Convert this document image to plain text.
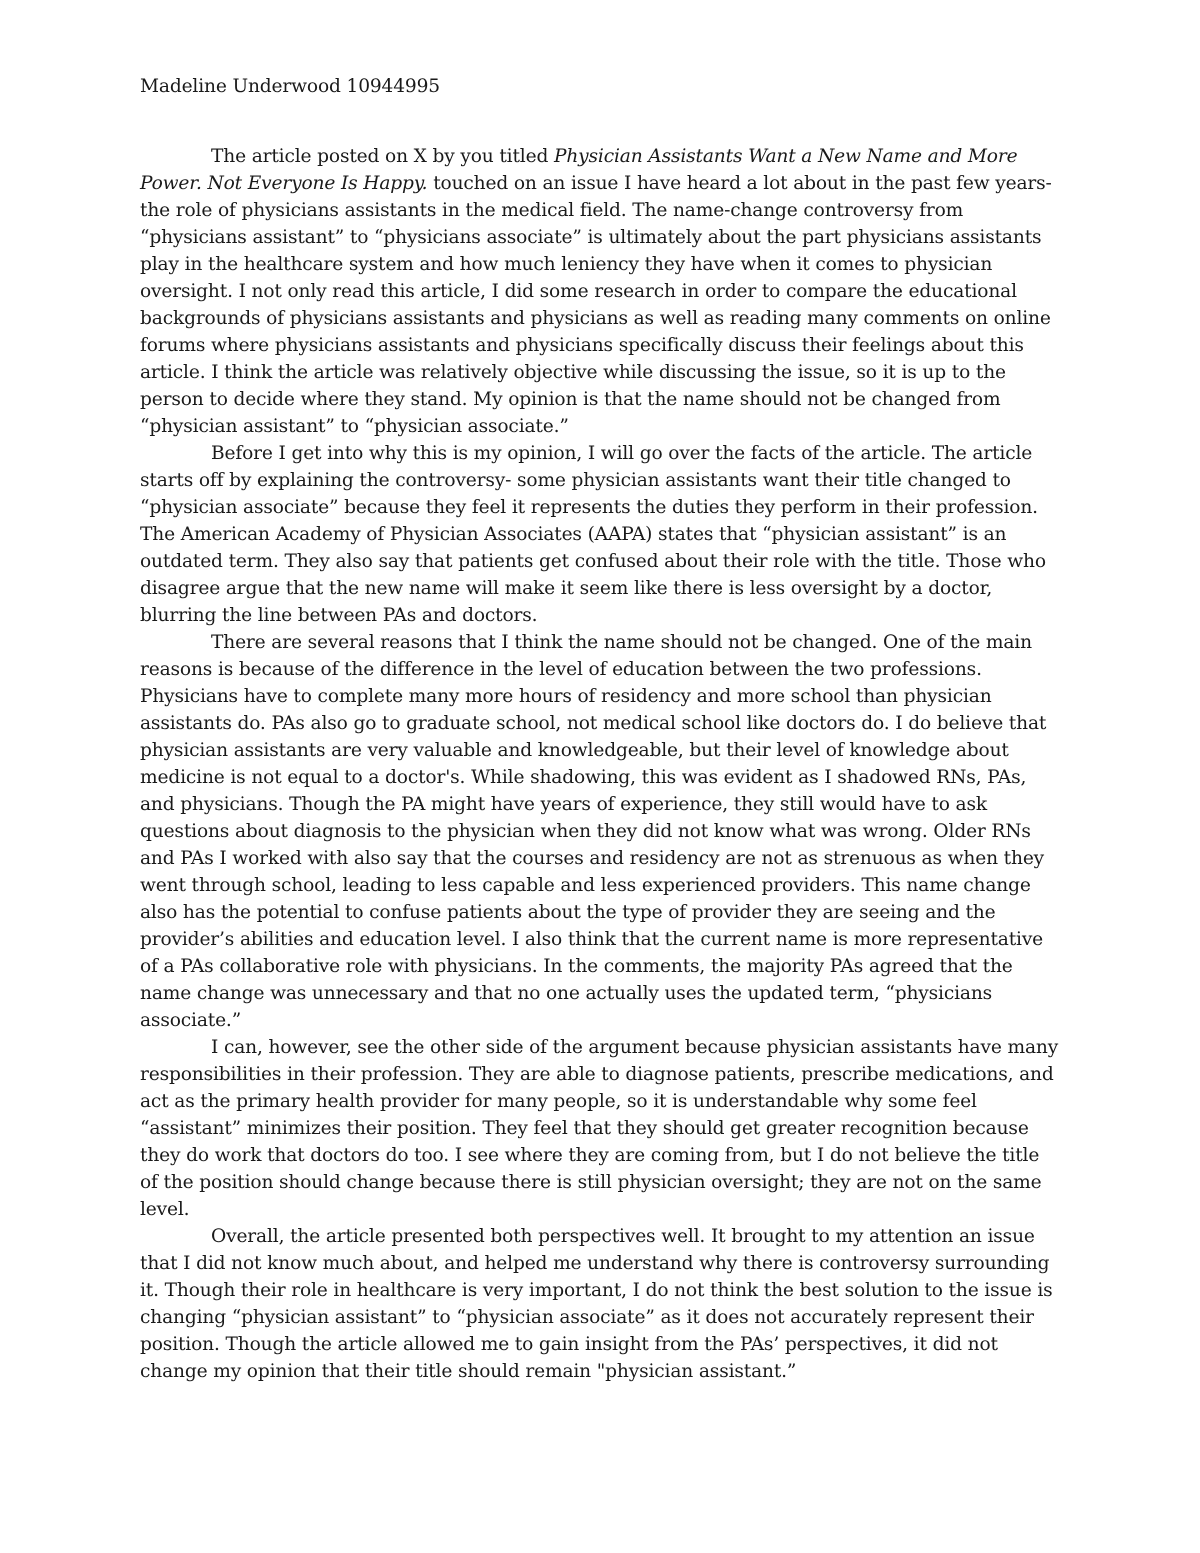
Madeline Underwood 10944995

The article posted on X by you titled Physician Assistants Want a New Name and More Power. Not Everyone Is Happy. touched on an issue I have heard a lot about in the past few years- the role of physicians assistants in the medical field. The name-change controversy from “physicians assistant” to “physicians associate” is ultimately about the part physicians assistants play in the healthcare system and how much leniency they have when it comes to physician oversight. I not only read this article, I did some research in order to compare the educational backgrounds of physicians assistants and physicians as well as reading many comments on online forums where physicians assistants and physicians specifically discuss their feelings about this article. I think the article was relatively objective while discussing the issue, so it is up to the person to decide where they stand. My opinion is that the name should not be changed from “physician assistant” to “physician associate.”

Before I get into why this is my opinion, I will go over the facts of the article. The article starts off by explaining the controversy- some physician assistants want their title changed to “physician associate” because they feel it represents the duties they perform in their profession. The American Academy of Physician Associates (AAPA) states that “physician assistant” is an outdated term. They also say that patients get confused about their role with the title. Those who disagree argue that the new name will make it seem like there is less oversight by a doctor, blurring the line between PAs and doctors.

There are several reasons that I think the name should not be changed. One of the main reasons is because of the difference in the level of education between the two professions. Physicians have to complete many more hours of residency and more school than physician assistants do. PAs also go to graduate school, not medical school like doctors do. I do believe that physician assistants are very valuable and knowledgeable, but their level of knowledge about medicine is not equal to a doctor's. While shadowing, this was evident as I shadowed RNs, PAs, and physicians. Though the PA might have years of experience, they still would have to ask questions about diagnosis to the physician when they did not know what was wrong. Older RNs and PAs I worked with also say that the courses and residency are not as strenuous as when they went through school, leading to less capable and less experienced providers. This name change also has the potential to confuse patients about the type of provider they are seeing and the provider’s abilities and education level. I also think that the current name is more representative of a PAs collaborative role with physicians. In the comments, the majority PAs agreed that the name change was unnecessary and that no one actually uses the updated term, “physicians associate.”

I can, however, see the other side of the argument because physician assistants have many responsibilities in their profession. They are able to diagnose patients, prescribe medications, and act as the primary health provider for many people, so it is understandable why some feel “assistant” minimizes their position. They feel that they should get greater recognition because they do work that doctors do too. I see where they are coming from, but I do not believe the title of the position should change because there is still physician oversight; they are not on the same level.

Overall, the article presented both perspectives well. It brought to my attention an issue that I did not know much about, and helped me understand why there is controversy surrounding it. Though their role in healthcare is very important, I do not think the best solution to the issue is changing “physician assistant” to “physician associate” as it does not accurately represent their position. Though the article allowed me to gain insight from the PAs’ perspectives, it did not change my opinion that their title should remain "physician assistant.”
